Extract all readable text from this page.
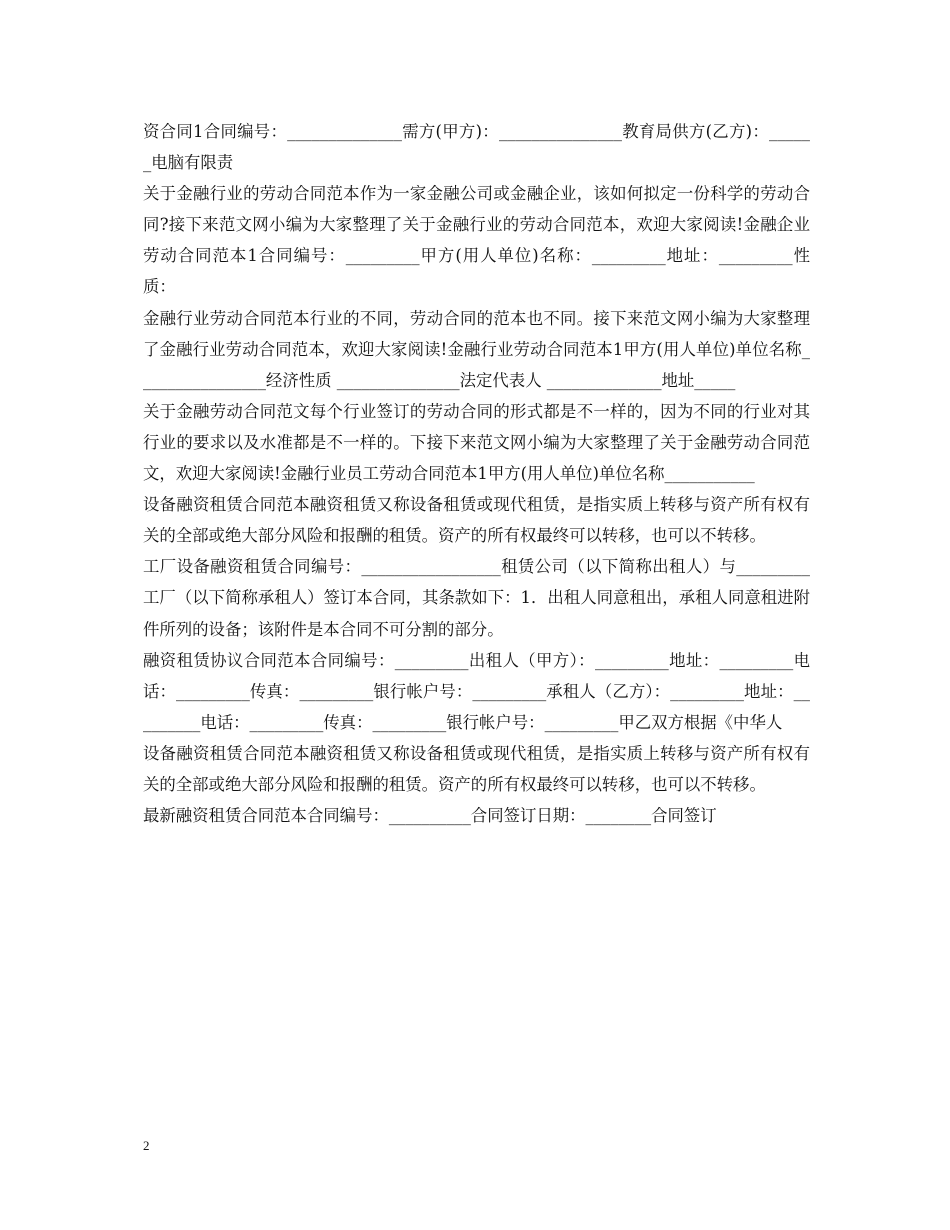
资合同1合同编号：______________需方(甲方)：_______________教育局供方(乙方)：______电脑有限责

关于金融行业的劳动合同范本作为一家金融公司或金融企业，该如何拟定一份科学的劳动合同?接下来范文网小编为大家整理了关于金融行业的劳动合同范本，欢迎大家阅读!金融企业劳动合同范本1合同编号：_________甲方(用人单位)名称：_________地址：_________性质：

金融行业劳动合同范本行业的不同，劳动合同的范本也不同。接下来范文网小编为大家整理了金融行业劳动合同范本，欢迎大家阅读!金融行业劳动合同范本1甲方(用人单位)单位名称________________经济性质 _______________法定代表人 ______________地址_____

关于金融劳动合同范文每个行业签订的劳动合同的形式都是不一样的，因为不同的行业对其行业的要求以及水准都是不一样的。下接下来范文网小编为大家整理了关于金融劳动合同范文，欢迎大家阅读!金融行业员工劳动合同范本1甲方(用人单位)单位名称___________

设备融资租赁合同范本融资租赁又称设备租赁或现代租赁，是指实质上转移与资产所有权有关的全部或绝大部分风险和报酬的租赁。资产的所有权最终可以转移，也可以不转移。

工厂设备融资租赁合同编号：_________________租赁公司（以下简称出租人）与_________工厂（以下简称承租人）签订本合同，其条款如下：1．出租人同意租出，承租人同意租进附件所列的设备；该附件是本合同不可分割的部分。

融资租赁协议合同范本合同编号：_________出租人（甲方）：_________地址：_________电话：_________传真：_________银行帐户号：_________承租人（乙方）：_________地址：_________电话：_________传真：_________银行帐户号：_________甲乙双方根据《中华人

设备融资租赁合同范本融资租赁又称设备租赁或现代租赁，是指实质上转移与资产所有权有关的全部或绝大部分风险和报酬的租赁。资产的所有权最终可以转移，也可以不转移。

最新融资租赁合同范本合同编号：__________合同签订日期：________合同签订

2
